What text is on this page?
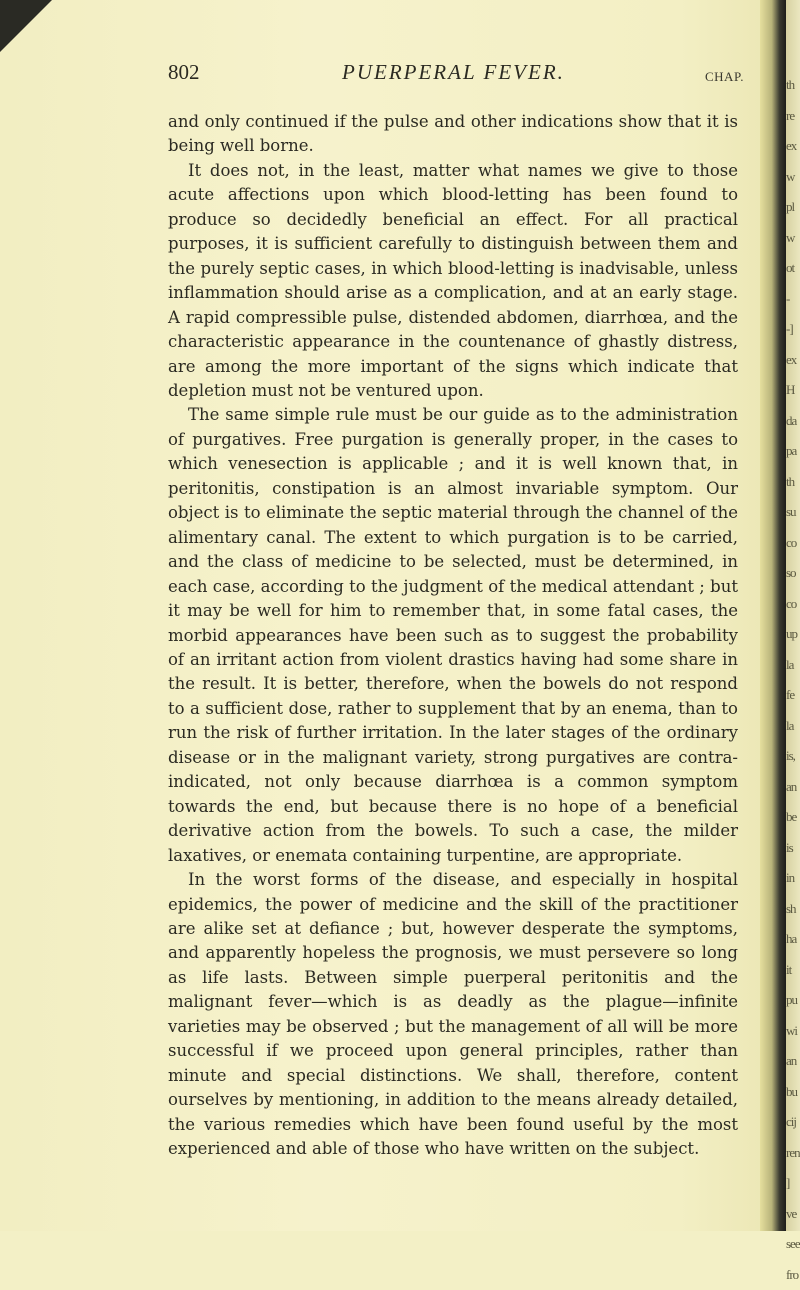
802	PUERPERAL FEVER.	CHAP.

and only continued if the pulse and other indications show that it is being well borne.

It does not, in the least, matter what names we give to those acute affections upon which blood-letting has been found to produce so decidedly beneficial an effect. For all practical purposes, it is sufficient carefully to distinguish between them and the purely septic cases, in which blood-letting is inadvisable, unless inflammation should arise as a complication, and at an early stage. A rapid compressible pulse, distended abdomen, diarrhœa, and the characteristic appearance in the countenance of ghastly distress, are among the more important of the signs which indicate that depletion must not be ventured upon.

The same simple rule must be our guide as to the administration of purgatives. Free purgation is generally proper, in the cases to which venesection is applicable ; and it is well known that, in peritonitis, constipation is an almost invariable symptom. Our object is to eliminate the septic material through the channel of the alimentary canal. The extent to which purgation is to be carried, and the class of medicine to be selected, must be determined, in each case, according to the judgment of the medical attendant ; but it may be well for him to remember that, in some fatal cases, the morbid appearances have been such as to suggest the probability of an irritant action from violent drastics having had some share in the result. It is better, therefore, when the bowels do not respond to a sufficient dose, rather to supplement that by an enema, than to run the risk of further irritation. In the later stages of the ordinary disease or in the malignant variety, strong purgatives are contra-indicated, not only because diarrhœa is a common symptom towards the end, but because there is no hope of a beneficial derivative action from the bowels. To such a case, the milder laxatives, or enemata containing turpentine, are appropriate.

In the worst forms of the disease, and especially in hospital epidemics, the power of medicine and the skill of the practitioner are alike set at defiance ; but, however desperate the symptoms, and apparently hopeless the prognosis, we must persevere so long as life lasts. Between simple puerperal peritonitis and the malignant fever—which is as deadly as the plague—infinite varieties may be observed ; but the management of all will be more successful if we proceed upon general principles, rather than minute and special distinctions. We shall, therefore, content ourselves by mentioning, in addition to the means already detailed, the various remedies which have been found useful by the most experienced and able of those who have written on the subject.

th
re
ex
w
pl
w
ot
-
-]
ex
H
da
pa
th
su
co
so
co
up
la
fe
la
is,
an
be
is
in
sh
ha
it
pu
wi
an
bu
cij
ren
]
ve
see
fro
